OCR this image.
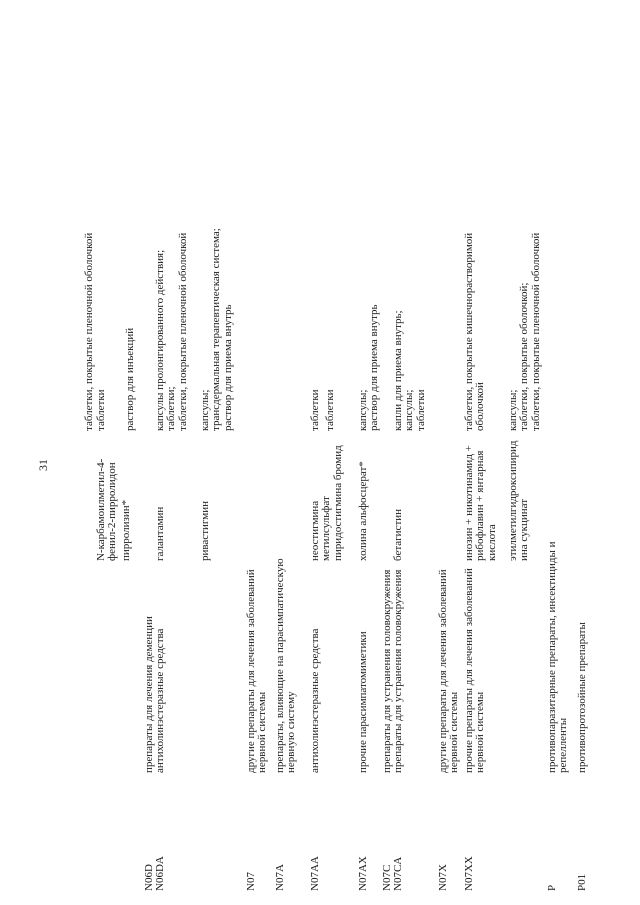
31
таблетки, покрытые пленочной оболочкой
N-карбамоилметил-4- фенил-2-пирролидон
таблетки
пирролизин*
раствор для инъекций
N06D
препараты для лечения деменции
N06DA
антихолинэстеразные средства
галантамин
капсулы пролонгированного действия; таблетки; таблетки, покрытые пленочной оболочкой
ривастигмин
капсулы; трансдермальная терапевтическая система; раствор для приема внутрь
N07
другие препараты для лечения заболеваний нервной системы
N07A
препараты, влияющие на парасимпатическую нервную систему
N07AA
антихолинэстеразные средства
неостигмина метилсульфат пиридостигмина бромид
таблетки таблетки
N07AX
прочие парасимпатомиметики
холина альфосцерат*
капсулы; раствор для приема внутрь
N07C
препараты для устранения головокружения
N07CA
препараты для устранения головокружения
бетагистин
капли для приема внутрь; капсулы; таблетки
N07X
другие препараты для лечения заболеваний нервной системы
N07XX
прочие препараты для лечения заболеваний нервной системы
инозин + никотинамид + рибофлавин + янтарная кислота
таблетки, покрытые кишечнорастворимой оболочкой
этилметилгидроксипирид ина сукцинат
капсулы; таблетки, покрытые оболочкой; таблетки, покрытые пленочной оболочкой
P
противопаразитарные препараты, инсектициды и репелленты
P01
противопротозойные препараты
